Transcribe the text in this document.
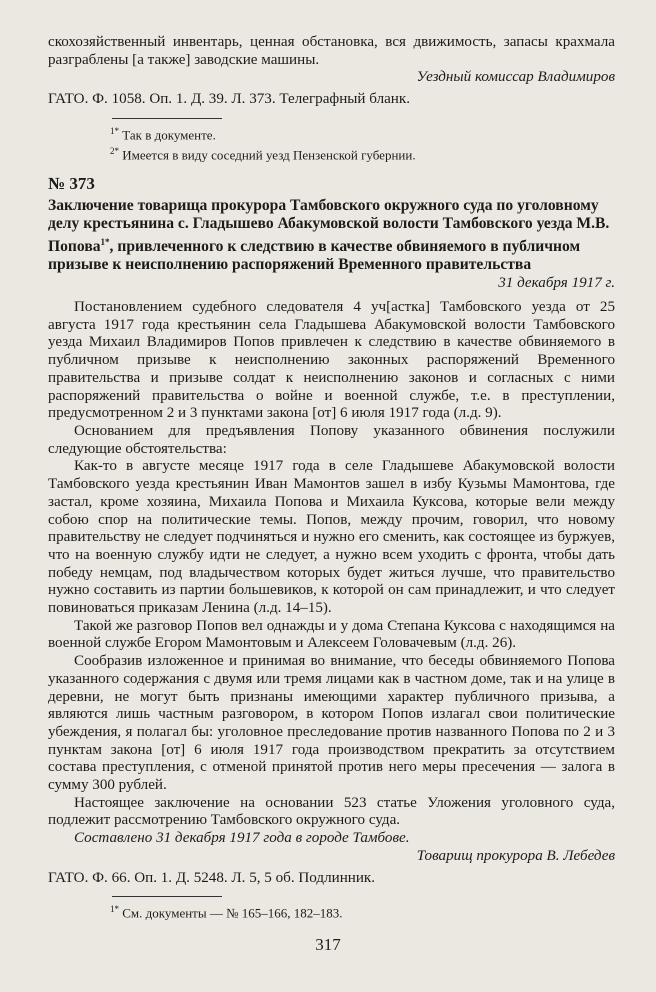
скохозяйственный инвентарь, ценная обстановка, вся движимость, запасы крахмала разграблены [а также] заводские машины.

Уездный комиссар Владимиров

ГАТО. Ф. 1058. Оп. 1. Д. 39. Л. 373. Телеграфный бланк.

$^{1*}$ Так в документе.

$^{2*}$ Имеется в виду соседний уезд Пензенской губернии.

№ 373

Заключение товарища прокурора Тамбовского окружного суда по уголовному делу крестьянина с. Гладышево Абакумовской волости Тамбовского уезда М.В. Попова$^{1*}$, привлеченного к следствию в качестве обвиняемого в публичном призыве к неисполнению распоряжений Временного правительства

31 декабря 1917 г.

Постановлением судебного следователя 4 уч[астка] Тамбовского уезда от 25 августа 1917 года крестьянин села Гладышева Абакумовской волости Тамбовского уезда Михаил Владимиров Попов привлечен к следствию в качестве обвиняемого в публичном призыве к неисполнению законных распоряжений Временного правительства и призыве солдат к неисполнению законов и согласных с ними распоряжений правительства о войне и военной службе, т.е. в преступлении, предусмотренном 2 и 3 пунктами закона [от] 6 июля 1917 года (л.д. 9).

Основанием для предъявления Попову указанного обвинения послужили следующие обстоятельства:

Как-то в августе месяце 1917 года в селе Гладышеве Абакумовской волости Тамбовского уезда крестьянин Иван Мамонтов зашел в избу Кузьмы Мамонтова, где застал, кроме хозяина, Михаила Попова и Михаила Куксова, которые вели между собою спор на политические темы. Попов, между прочим, говорил, что новому правительству не следует подчиняться и нужно его сменить, как состоящее из буржуев, что на военную службу идти не следует, а нужно всем уходить с фронта, чтобы дать победу немцам, под владычеством которых будет житься лучше, что правительство нужно составить из партии большевиков, к которой он сам принадлежит, и что следует повиноваться приказам Ленина (л.д. 14–15).

Такой же разговор Попов вел однажды и у дома Степана Куксова с находящимся на военной службе Егором Мамонтовым и Алексеем Головачевым (л.д. 26).

Сообразив изложенное и принимая во внимание, что беседы обвиняемого Попова указанного содержания с двумя или тремя лицами как в частном доме, так и на улице в деревни, не могут быть признаны имеющими характер публичного призыва, а являются лишь частным разговором, в котором Попов излагал свои политические убеждения, я полагал бы: уголовное преследование против названного Попова по 2 и 3 пунктам закона [от] 6 июля 1917 года производством прекратить за отсутствием состава преступления, с отменой принятой против него меры пресечения — залога в сумму 300 рублей.

Настоящее заключение на основании 523 статье Уложения уголовного суда, подлежит рассмотрению Тамбовского окружного суда.

Составлено 31 декабря 1917 года в городе Тамбове.

Товарищ прокурора В. Лебедев

ГАТО. Ф. 66. Оп. 1. Д. 5248. Л. 5, 5 об. Подлинник.

$^{1*}$ См. документы — № 165–166, 182–183.

317
